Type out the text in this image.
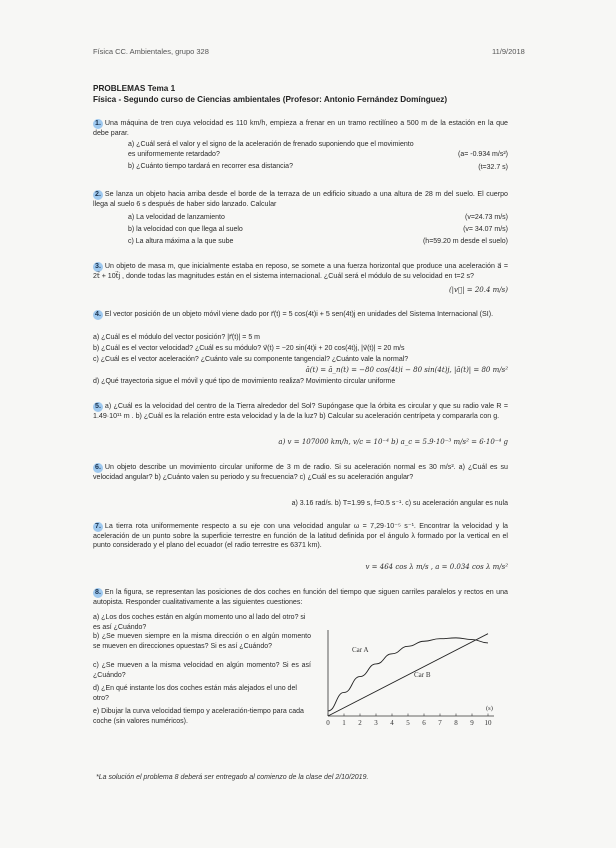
Física CC. Ambientales, grupo 328	11/9/2018
PROBLEMAS Tema 1
Física - Segundo curso de Ciencias ambientales (Profesor: Antonio Fernández Domínguez)
1. Una máquina de tren cuya velocidad es 110 km/h, empieza a frenar en un tramo rectilíneo a 500 m de la estación en la que debe parar.
a) ¿Cuál será el valor y el signo de la aceleración de frenado suponiendo que el movimiento es uniformemente retardado?	(a= -0.934 m/s²)
b) ¿Cuánto tiempo tardará en recorrer esa distancia?	(t=32.7 s)
2. Se lanza un objeto hacia arriba desde el borde de la terraza de un edificio situado a una altura de 28 m del suelo. El cuerpo llega al suelo 6 s después de haber sido lanzado. Calcular
a) La velocidad de lanzamiento	(v=24.73 m/s)
b) la velocidad con que llega al suelo	(v= 34.07 m/s)
c) La altura máxima a la que sube	(h=59.20 m desde el suelo)
3. Un objeto de masa m, que inicialmente estaba en reposo, se somete a una fuerza horizontal que produce una aceleración a⃗ = 2t⃗ + 10t⃗j , donde todas las magnitudes están en el sistema internacional. ¿Cuál será el módulo de su velocidad en t=2 s?
(|v⃗| = 20.4 m/s)
4. El vector posición de un objeto móvil viene dado por r⃗(t) = 5 cos(4t)i + 5 sen(4t)j en unidades del Sistema Internacional (SI).
a) ¿Cuál es el módulo del vector posición? |r⃗(t)| = 5 m
b) ¿Cuál es el vector velocidad? ¿Cuál es su módulo? v⃗(t) = −20 sin(4t)i + 20 cos(4t)j, |v⃗(t)| = 20 m/s
c) ¿Cuál es el vector aceleración? ¿Cuánto vale su componente tangencial? ¿Cuánto vale la normal?
ā(t) = ā_n(t) = −80 cos(4t)i − 80 sin(4t)j, |ā(t)| = 80 m/s²
d) ¿Qué trayectoria sigue el móvil y qué tipo de movimiento realiza? Movimiento circular uniforme
5. a) ¿Cuál es la velocidad del centro de la Tierra alrededor del Sol? Supóngase que la órbita es circular y que su radio vale R = 1.49·10¹¹ m . b) ¿Cuál es la relación entre esta velocidad y la de la luz? b) Calcular su aceleración centrípeta y compararla con g.
a) v = 107000 km/h, v/c = 10⁻⁴ b) a_c = 5.9·10⁻³ m/s² = 6·10⁻⁴ g
6. Un objeto describe un movimiento circular uniforme de 3 m de radio. Si su aceleración normal es 30 m/s². a) ¿Cuál es su velocidad angular? b) ¿Cuánto valen su periodo y su frecuencia? c) ¿Cuál es su aceleración angular?
a) 3.16 rad/s. b) T=1.99 s, f=0.5 s⁻¹. c) su aceleración angular es nula
7. La tierra rota uniformemente respecto a su eje con una velocidad angular ω = 7,29·10⁻⁵ s⁻¹. Encontrar la velocidad y la aceleración de un punto sobre la superficie terrestre en función de la latitud definida por el ángulo λ formado por la vertical en el punto considerado y el plano del ecuador (el radio terrestre es 6371 km).
v = 464 cos λ m/s , a = 0.034 cos λ m/s²
8. En la figura, se representan las posiciones de dos coches en función del tiempo que siguen carriles paralelos y rectos en una autopista. Responder cualitativamente a las siguientes cuestiones:
a) ¿Los dos coches están en algún momento uno al lado del otro? si es así ¿Cuándo?
b) ¿Se mueven siempre en la misma dirección o en algún momento se mueven en direcciones opuestas? Si es así ¿Cuándo?
c) ¿Se mueven a la misma velocidad en algún momento? Si es así ¿Cuándo?
d) ¿En qué instante los dos coches están más alejados el uno del otro?
e) Dibujar la curva velocidad tiempo y aceleración-tiempo para cada coche (sin valores numéricos).	0 1 2 3 4 5 6 7 8 9 10
(s)
Car A
Car B
*La solución el problema 8 deberá ser entregado al comienzo de la clase del 2/10/2019.
